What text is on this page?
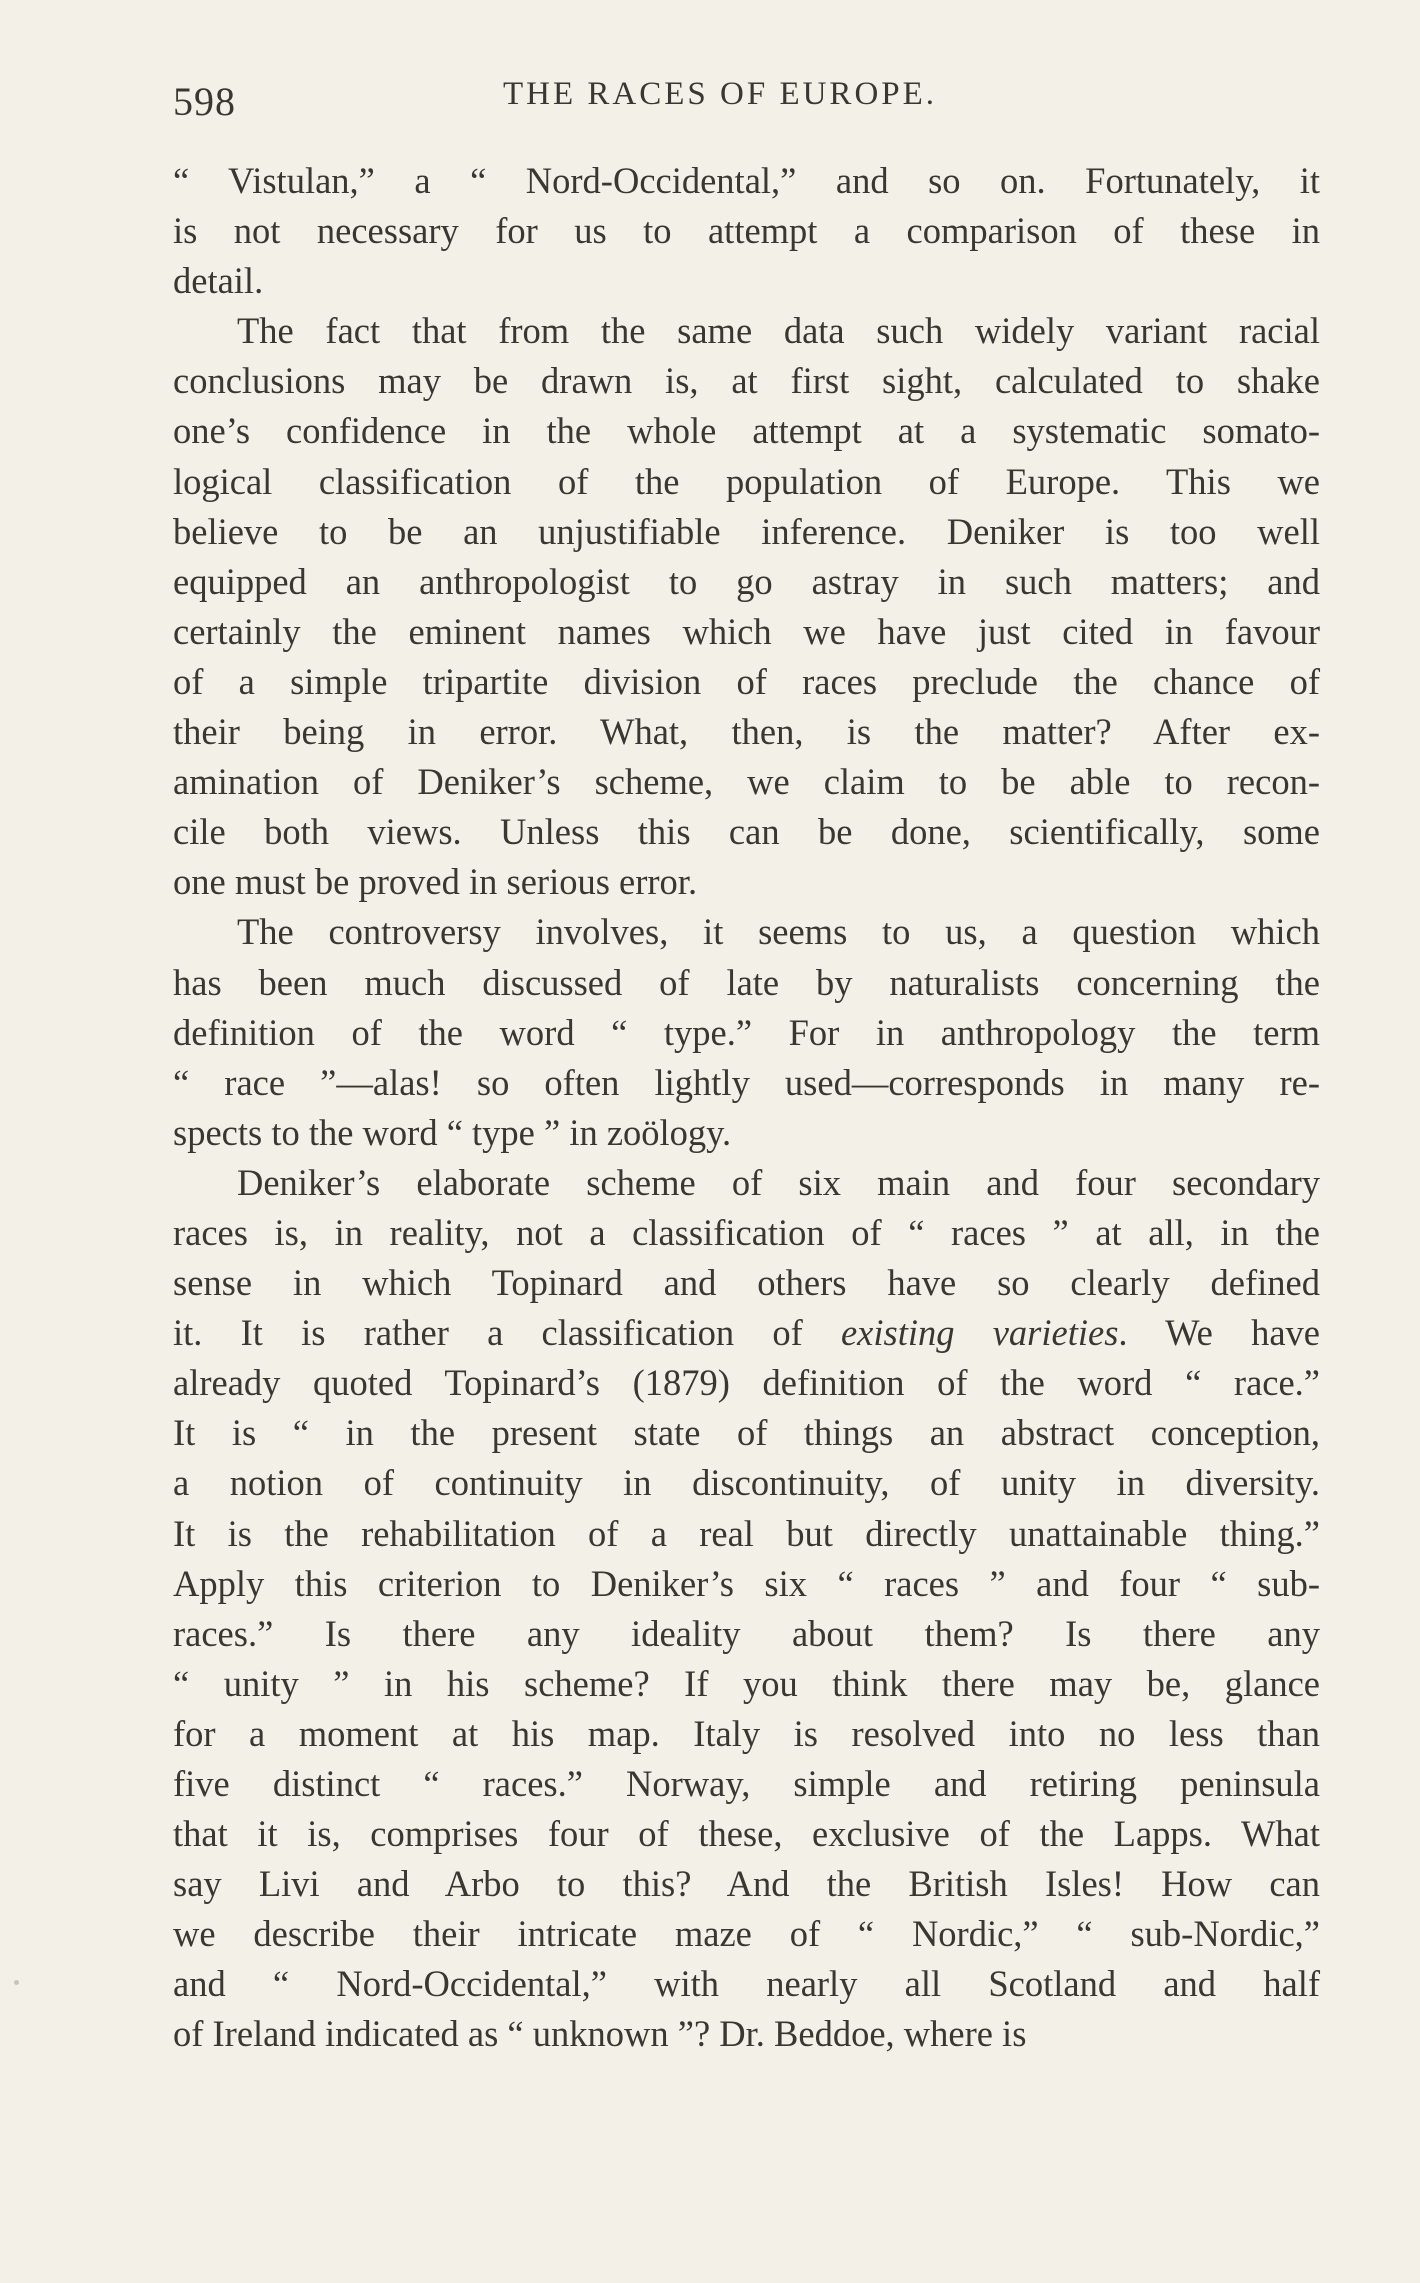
598	THE RACES OF EUROPE.
“ Vistulan,” a “ Nord-Occidental,” and so on. Fortunately, it
is not necessary for us to attempt a comparison of these in
detail.
The fact that from the same data such widely variant racial
conclusions may be drawn is, at first sight, calculated to shake
one’s confidence in the whole attempt at a systematic somato-
logical classification of the population of Europe. This we
believe to be an unjustifiable inference. Deniker is too well
equipped an anthropologist to go astray in such matters; and
certainly the eminent names which we have just cited in favour
of a simple tripartite division of races preclude the chance of
their being in error. What, then, is the matter? After ex-
amination of Deniker’s scheme, we claim to be able to recon-
cile both views. Unless this can be done, scientifically, some
one must be proved in serious error.
The controversy involves, it seems to us, a question which
has been much discussed of late by naturalists concerning the
definition of the word “ type.” For in anthropology the term
“ race ”—alas! so often lightly used—corresponds in many re-
spects to the word “ type ” in zoölogy.
Deniker’s elaborate scheme of six main and four secondary
races is, in reality, not a classification of “ races ” at all, in the
sense in which Topinard and others have so clearly defined
it. It is rather a classification of existing varieties. We have
already quoted Topinard’s (1879) definition of the word “ race.”
It is “ in the present state of things an abstract conception,
a notion of continuity in discontinuity, of unity in diversity.
It is the rehabilitation of a real but directly unattainable thing.”
Apply this criterion to Deniker’s six “ races ” and four “ sub-
races.” Is there any ideality about them? Is there any
“ unity ” in his scheme? If you think there may be, glance
for a moment at his map. Italy is resolved into no less than
five distinct “ races.” Norway, simple and retiring peninsula
that it is, comprises four of these, exclusive of the Lapps. What
say Livi and Arbo to this? And the British Isles! How can
we describe their intricate maze of “ Nordic,” “ sub-Nordic,”
and “ Nord-Occidental,” with nearly all Scotland and half
of Ireland indicated as “ unknown ”? Dr. Beddoe, where is
